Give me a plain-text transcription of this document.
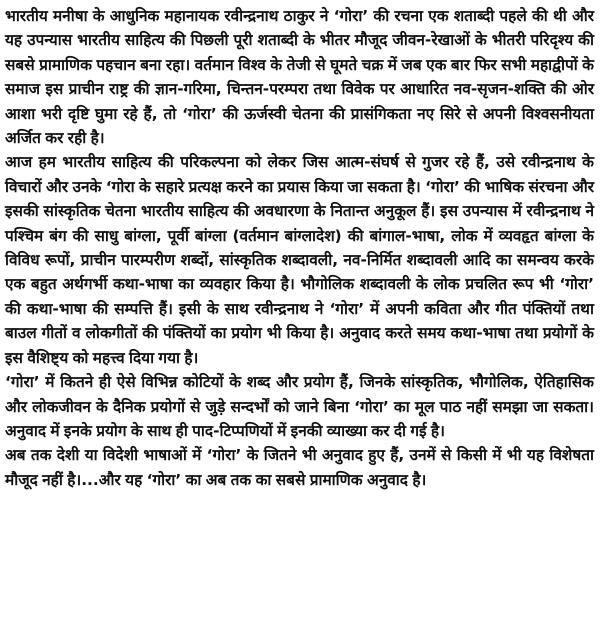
भारतीय मनीषा के आधुनिक महानायक रवीन्द्रनाथ ठाकुर ने ‘गोरा’ की रचना एक शताब्दी पहले की थी और यह उपन्यास भारतीय साहित्य की पिछली पूरी शताब्दी के भीतर मौजूद जीवन-रेखाओं के भीतरी परिदृश्य की सबसे प्रामाणिक पहचान बना रहा। वर्तमान विश्व के तेजी से घूमते चक्र में जब एक बार फिर सभी महाद्वीपों के समाज इस प्राचीन राष्ट्र की ज्ञान-गरिमा, चिन्तन-परम्परा तथा विवेक पर आधारित नव-सृजन-शक्ति की ओर आशा भरी दृष्टि घुमा रहे हैं, तो ‘गोरा’ की ऊर्जस्वी चेतना की प्रासंगिकता नए सिरे से अपनी विश्वसनीयता अर्जित कर रही है।

आज हम भारतीय साहित्य की परिकल्पना को लेकर जिस आत्म-संघर्ष से गुजर रहे हैं, उसे रवीन्द्रनाथ के विचारों और उनके ‘गोरा के सहारे प्रत्यक्ष करने का प्रयास किया जा सकता है। ‘गोरा’ की भाषिक संरचना और इसकी सांस्कृतिक चेतना भारतीय साहित्य की अवधारणा के नितान्त अनुकूल हैं। इस उपन्यास में रवीन्द्रनाथ ने पश्चिम बंग की साधु बांग्ला, पूर्वी बांग्ला (वर्तमान बांग्लादेश) की बांगाल-भाषा, लोक में व्यवहृत बांग्ला के विविध रूपों, प्राचीन पारम्परीण शब्दों, सांस्कृतिक शब्दावली, नव-निर्मित शब्दावली आदि का समन्वय करके एक बहुत अर्थगर्भी कथा-भाषा का व्यवहार किया है। भौगोलिक शब्दावली के लोक प्रचलित रूप भी ‘गोरा’ की कथा-भाषा की सम्पत्ति हैं। इसी के साथ रवीन्द्रनाथ ने ‘गोरा’ में अपनी कविता और गीत पंक्तियों तथा बाउल गीतों व लोकगीतों की पंक्तियों का प्रयोग भी किया है। अनुवाद करते समय कथा-भाषा तथा प्रयोगों के इस वैशिष्ट्य को महत्त्व दिया गया है।

‘गोरा’ में कितने ही ऐसे विभिन्न कोटियों के शब्द और प्रयोग हैं, जिनके सांस्कृतिक, भौगोलिक, ऐतिहासिक और लोकजीवन के दैनिक प्रयोगों से जुड़े सन्दर्भों को जाने बिना ‘गोरा’ का मूल पाठ नहीं समझा जा सकता। अनुवाद में इनके प्रयोग के साथ ही पाद-टिप्पणियों में इनकी व्याख्या कर दी गई है।

अब तक देशी या विदेशी भाषाओं में ‘गोरा’ के जितने भी अनुवाद हुए हैं, उनमें से किसी में भी यह विशेषता मौजूद नहीं है।...और यह ‘गोरा’ का अब तक का सबसे प्रामाणिक अनुवाद है।
